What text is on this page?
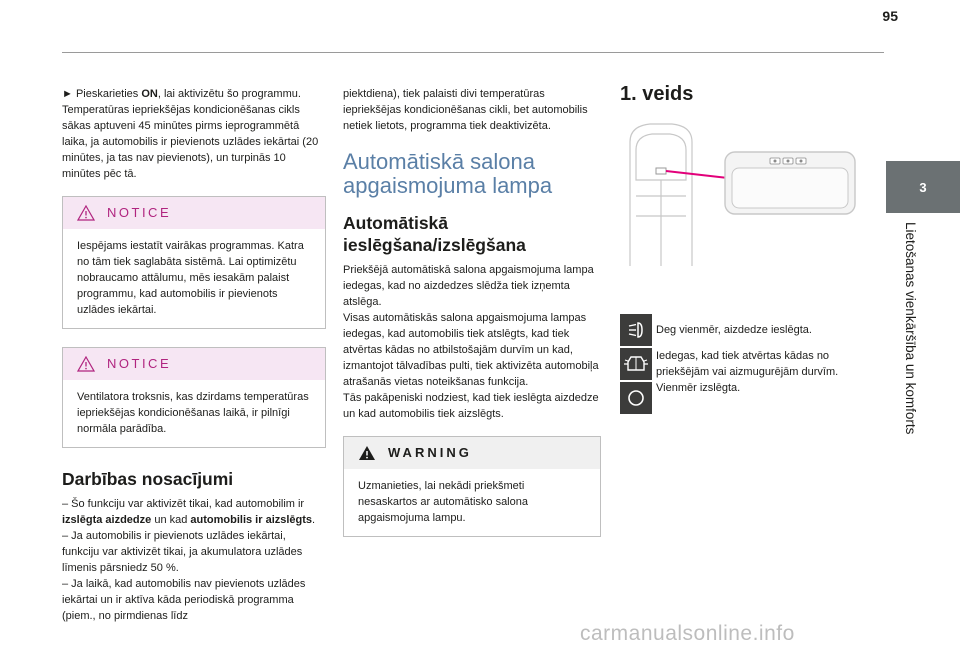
95
3
Lietošanas vienkāršība un komforts
► Pieskarieties ON, lai aktivizētu šo programmu.
Temperatūras iepriekšējas kondicionēšanas cikls sākas aptuveni 45 minūtes pirms ieprogrammētā laika, ja automobilis ir pievienots uzlādes iekārtai (20 minūtes, ja tas nav pievienots), un turpinās 10 minūtes pēc tā.
NOTICE
Iespējams iestatīt vairākas programmas. Katra no tām tiek saglabāta sistēmā. Lai optimizētu nobraucamo attālumu, mēs iesakām palaist programmu, kad automobilis ir pievienots uzlādes iekārtai.
NOTICE
Ventilatora troksnis, kas dzirdams temperatūras iepriekšējas kondicionēšanas laikā, ir pilnīgi normāla parādība.
Darbības nosacījumi
– Šo funkciju var aktivizēt tikai, kad automobilim ir izslēgta aizdedze un kad automobilis ir aizslēgts.
– Ja automobilis ir pievienots uzlādes iekārtai, funkciju var aktivizēt tikai, ja akumulatora uzlādes līmenis pārsniedz 50 %.
– Ja laikā, kad automobilis nav pievienots uzlādes iekārtai un ir aktīva kāda periodiskā programma (piem., no pirmdienas līdz
piektdiena), tiek palaisti divi temperatūras iepriekšējas kondicionēšanas cikli, bet automobilis netiek lietots, programma tiek deaktivizēta.
Automātiskā salona apgaismojuma lampa
Automātiskā ieslēgšana/izslēgšana
Priekšējā automātiskā salona apgaismojuma lampa iedegas, kad no aizdedzes slēdža tiek izņemta atslēga.
Visas automātiskās salona apgaismojuma lampas iedegas, kad automobilis tiek atslēgts, kad tiek atvērtas kādas no atbilstošajām durvīm un kad, izmantojot tālvadības pulti, tiek aktivizēta automobiļa atrašanās vietas noteikšanas funkcija.
Tās pakāpeniski nodziest, kad tiek ieslēgta aizdedze un kad automobilis tiek aizslēgts.
WARNING
Uzmanieties, lai nekādi priekšmeti nesaskartos ar automātisko salona apgaismojuma lampu.
1. veids
Deg vienmēr, aizdedze ieslēgta.
Iedegas, kad tiek atvērtas kādas no priekšējām vai aizmugurējām durvīm.
Vienmēr izslēgta.
carmanualsonline.info
